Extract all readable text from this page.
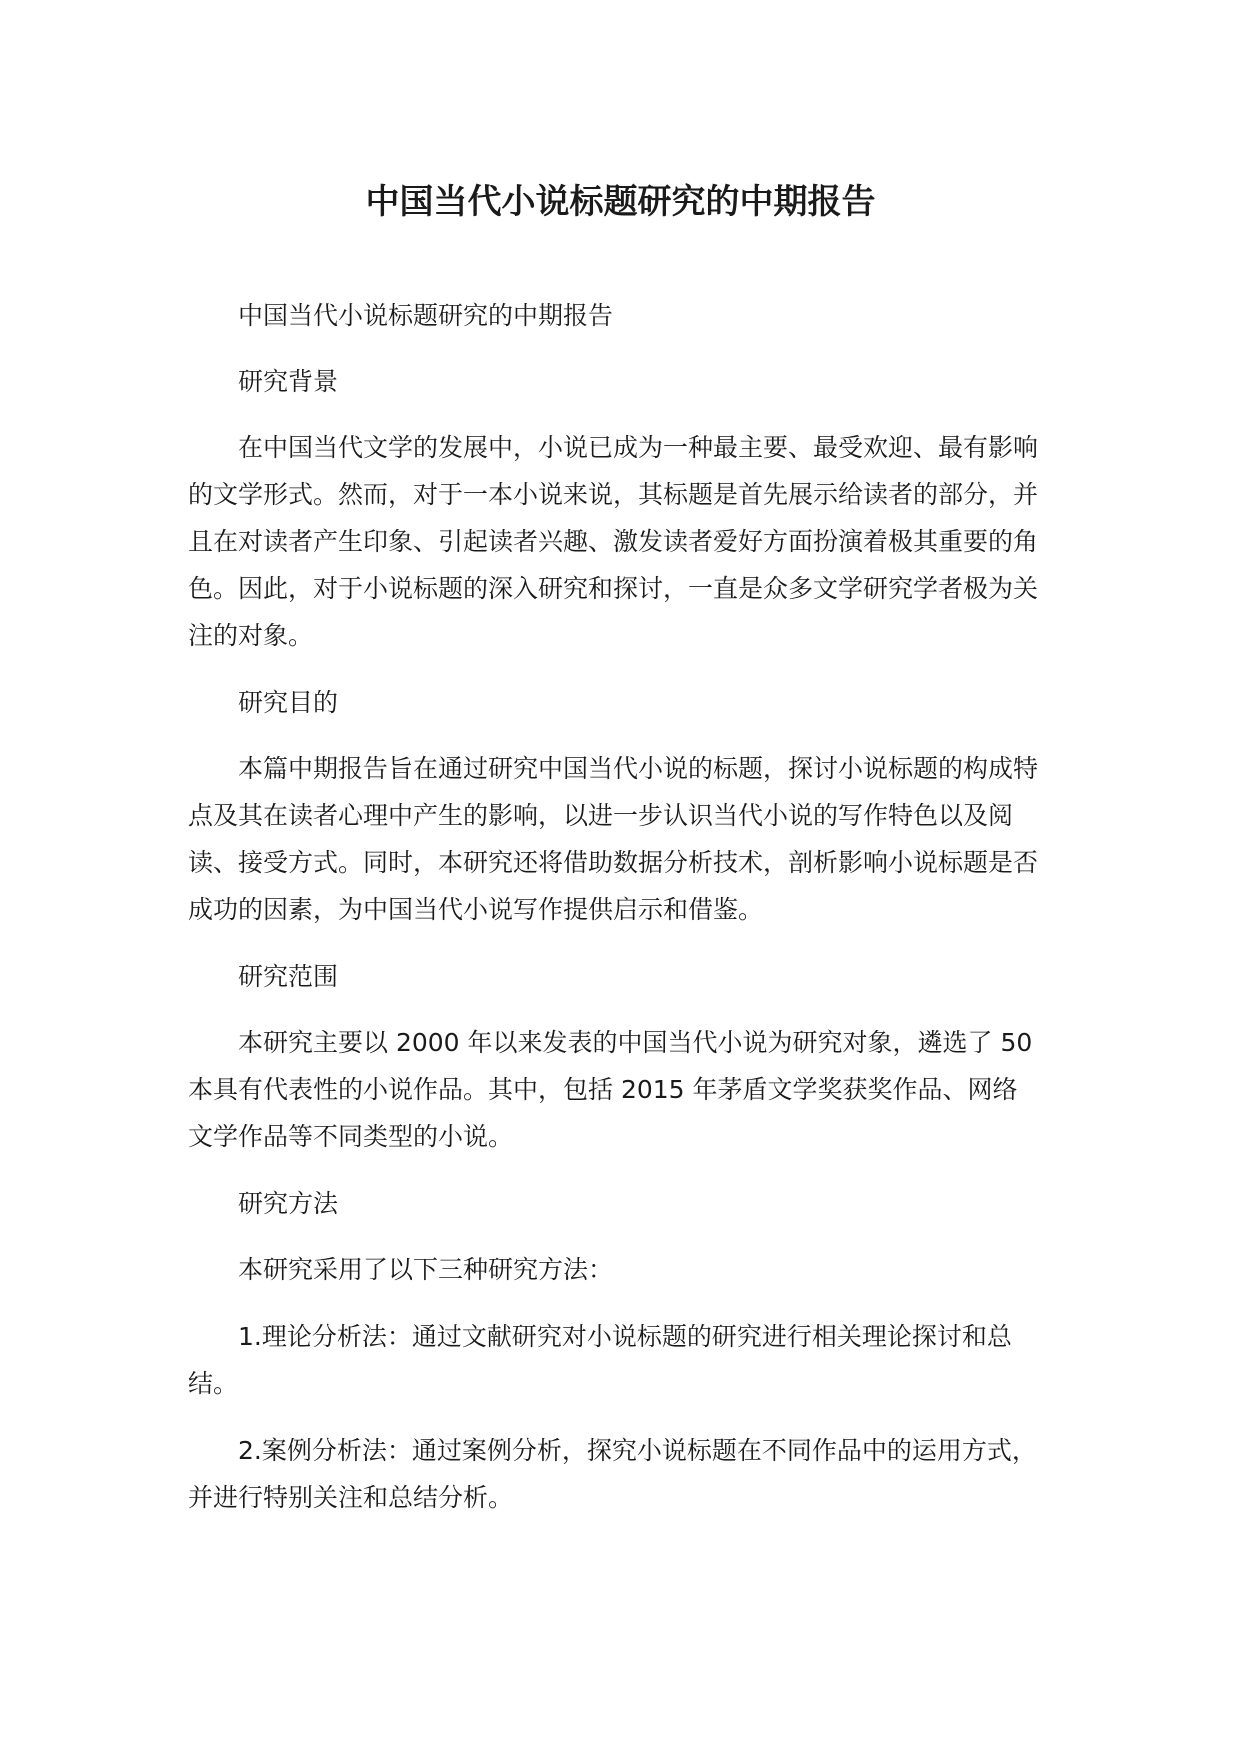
中国当代小说标题研究的中期报告

中国当代小说标题研究的中期报告

研究背景

在中国当代文学的发展中，小说已成为一种最主要、最受欢迎、最有影响的文学形式。然而，对于一本小说来说，其标题是首先展示给读者的部分，并且在对读者产生印象、引起读者兴趣、激发读者爱好方面扮演着极其重要的角色。因此，对于小说标题的深入研究和探讨，一直是众多文学研究学者极为关注的对象。

研究目的

本篇中期报告旨在通过研究中国当代小说的标题，探讨小说标题的构成特点及其在读者心理中产生的影响，以进一步认识当代小说的写作特色以及阅读、接受方式。同时，本研究还将借助数据分析技术，剖析影响小说标题是否成功的因素，为中国当代小说写作提供启示和借鉴。

研究范围

本研究主要以 2000 年以来发表的中国当代小说为研究对象，遴选了 50 本具有代表性的小说作品。其中，包括 2015 年茅盾文学奖获奖作品、网络文学作品等不同类型的小说。

研究方法

本研究采用了以下三种研究方法：

1.理论分析法：通过文献研究对小说标题的研究进行相关理论探讨和总结。

2.案例分析法：通过案例分析，探究小说标题在不同作品中的运用方式，并进行特别关注和总结分析。
